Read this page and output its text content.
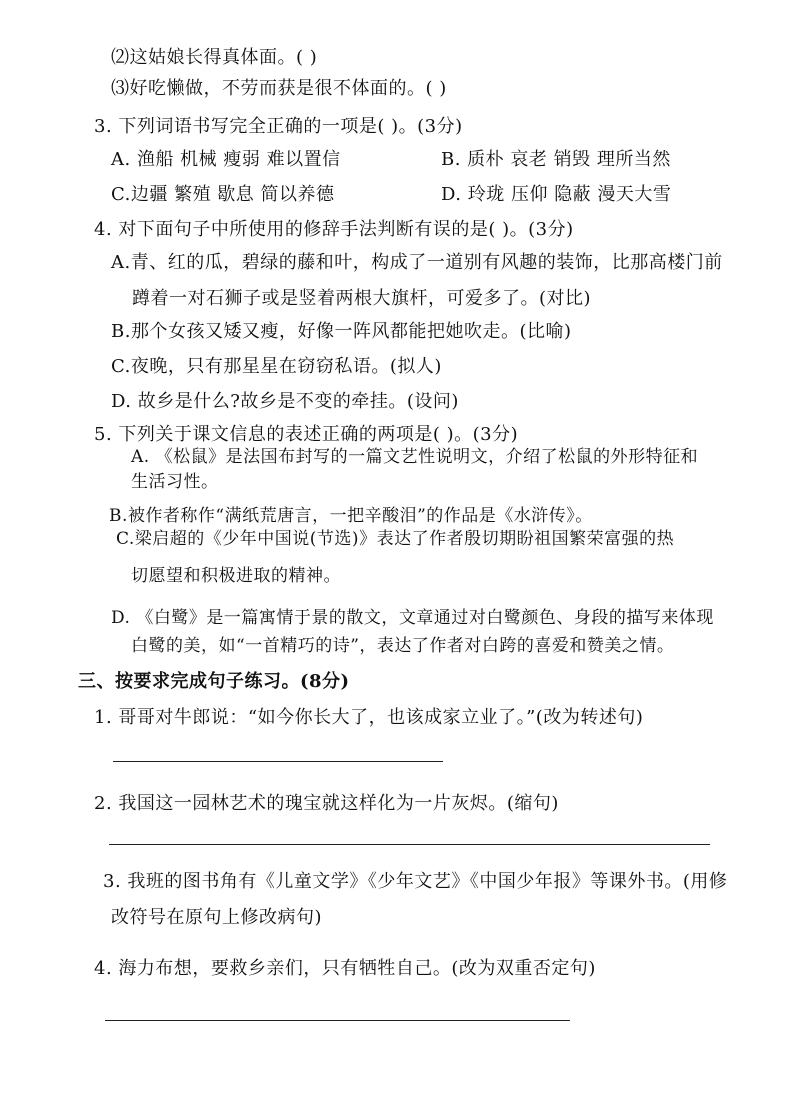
⑵这姑娘长得真体面。( )
⑶好吃懒做，不劳而获是很不体面的。( )
3. 下列词语书写完全正确的一项是( )。(3分)
A. 渔船 机械 瘦弱 难以置信	B. 质朴 哀老 销毁 理所当然
C.边疆 繁殖 歇息 简以养德	D. 玲珑 压仰 隐蔽 漫天大雪
4. 对下面句子中所使用的修辞手法判断有误的是( )。(3分)
A.青、红的瓜，碧绿的藤和叶，构成了一道别有风趣的装饰，比那高楼门前
蹲着一对石狮子或是竖着两根大旗杆，可爱多了。(对比)
B.那个女孩又矮又瘦，好像一阵风都能把她吹走。(比喻)
C.夜晚，只有那星星在窃窃私语。(拟人)
D. 故乡是什么?故乡是不变的牵挂。(设问)
5. 下列关于课文信息的表述正确的两项是( )。(3分)
A. 《松鼠》是法国布封写的一篇文艺性说明文，介绍了松鼠的外形特征和
生活习性。
B.被作者称作“满纸荒唐言，一把辛酸泪”的作品是《水浒传》。
C.梁启超的《少年中国说(节选)》表达了作者殷切期盼祖国繁荣富强的热
切愿望和积极进取的精神。
D. 《白鹭》是一篇寓情于景的散文，文章通过对白鹭颜色、身段的描写来体现
白鹭的美，如“一首精巧的诗”，表达了作者对白跨的喜爱和赞美之情。
三、按要求完成句子练习。(8分)
1. 哥哥对牛郎说：“如今你长大了，也该成家立业了。”(改为转述句)
2. 我国这一园林艺术的瑰宝就这样化为一片灰烬。(缩句)
3. 我班的图书角有《儿童文学》《少年文艺》《中国少年报》等课外书。(用修
改符号在原句上修改病句)
4. 海力布想，要救乡亲们，只有牺牲自己。(改为双重否定句)
